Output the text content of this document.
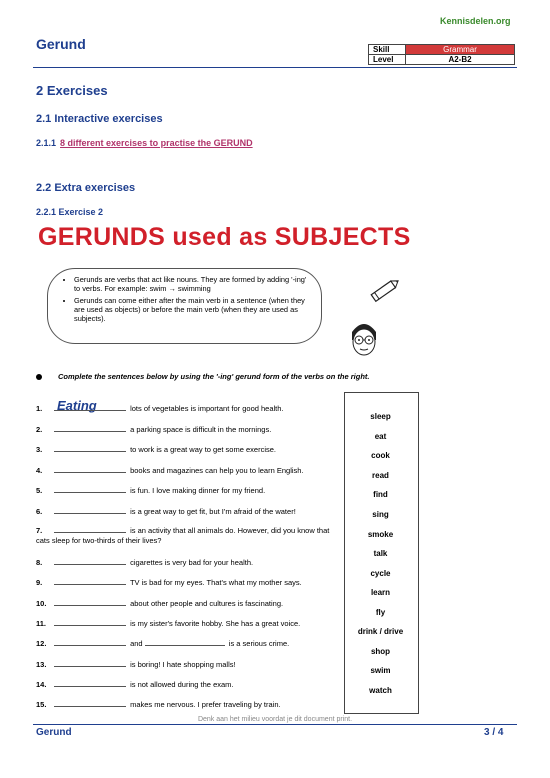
Gerund
Kennisdelen.org
Skill	Grammar
Level	A2-B2
2 Exercises
2.1 Interactive exercises
2.1.1 8 different exercises to practise the GERUND
2.2 Extra exercises
2.2.1 Exercise 2
GERUNDS used as SUBJECTS
• Gerunds are verbs that act like nouns. They are formed by adding '-ing' to verbs. For example: swim → swimming
• Gerunds can come either after the main verb in a sentence (when they are used as objects) or before the main verb (when they are used as subjects).
Complete the sentences below by using the '-ing' gerund form of the verbs on the right.
Eating
1.	lots of vegetables is important for good health.
2.	a parking space is difficult in the mornings.
3.	to work is a great way to get some exercise.
4.	books and magazines can help you to learn English.
5.	is fun. I love making dinner for my friend.
6.	is a great way to get fit, but I'm afraid of the water!
7.	is an activity that all animals do. However, did you know that cats sleep for two-thirds of their lives?
8.	cigarettes is very bad for your health.
9.	TV is bad for my eyes. That's what my mother says.
10.	about other people and cultures is fascinating.
11.	is my sister's favorite hobby. She has a great voice.
12.	and	is a serious crime.
13.	is boring! I hate shopping malls!
14.	is not allowed during the exam.
15.	makes me nervous. I prefer traveling by train.
sleep
eat
cook
read
find
sing
smoke
talk
cycle
learn
fly
drink / drive
shop
swim
watch
Denk aan het milieu voordat je dit document print.
Gerund	3 / 4
